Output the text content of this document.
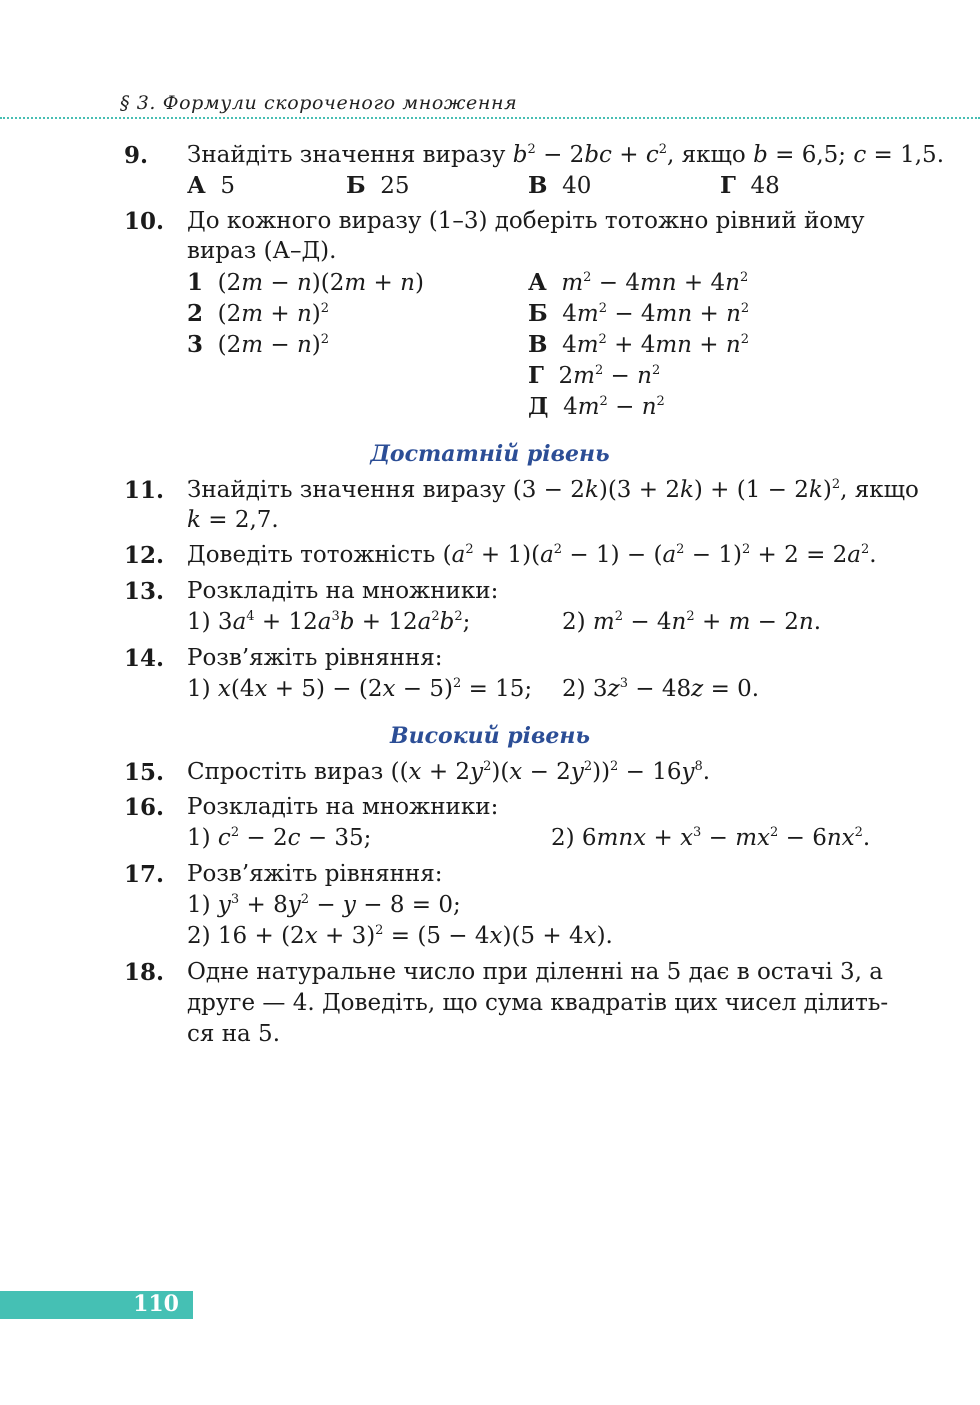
§ 3. Формули скороченого множення
9. Знайдіть значення виразу $b^2 - 2bc + c^2$, якщо b = 6,5; c = 1,5.
А 5	Б 25	В 40	Г 48
10. До кожного виразу (1–3) доберіть тотожно рівний йому
вираз (А–Д).
1  (2m − n)(2m + n)	А $m^2 - 4mn + 4n^2$
2  $(2m + n)^2$	Б  $4m^2 - 4mn + n^2$
3  $(2m - n)^2$	В  $4m^2 + 4mn + n^2$
Г  $2m^2 - n^2$
Д  $4m^2 - n^2$
Достатній рівень
11. Знайдіть значення виразу $(3 - 2k)(3 + 2k) + (1 - 2k)^2$, якщо
k = 2,7.
12. Доведіть тотожність $(a^2 + 1)(a^2 - 1) - (a^2 - 1)^2 + 2 = 2a^2$.
13. Розкладіть на множники:
1) $3a^4 + 12a^3b + 12a^2b^2$;	2) $m^2 - 4n^2 + m - 2n$.
14. Розв’яжіть рівняння:
1) $x(4x + 5) - (2x - 5)^2 = 15$; 2) $3z^3 - 48z = 0$.
Високий рівень
15. Спростіть вираз $((x + 2y^2)(x - 2y^2))^2 - 16y^8$.
16. Розкладіть на множники:
1) $c^2 - 2c - 35$;	2) $6mnx + x^3 - mx^2 - 6nx^2$.
17. Розв’яжіть рівняння:
1) $y^3 + 8y^2 - y - 8 = 0$;
2) $16 + (2x + 3)^2 = (5 - 4x)(5 + 4x)$.
18. Одне натуральне число при діленні на 5 дає в остачі 3, а
друге — 4. Доведіть, що сума квадратів цих чисел ділить-
ся на 5.
110
